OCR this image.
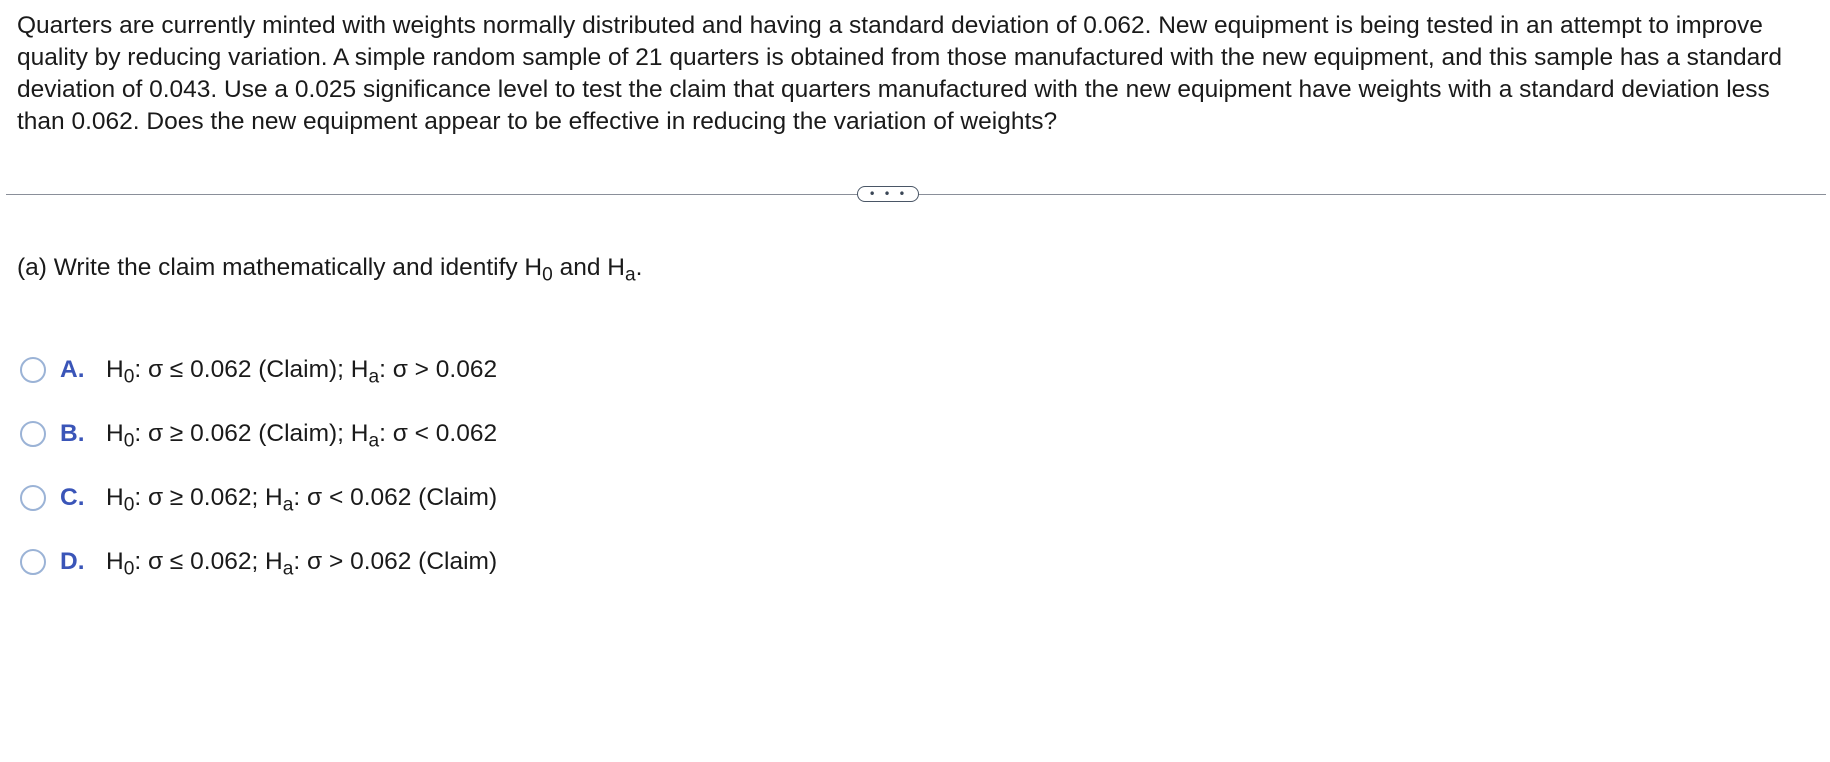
Quarters are currently minted with weights normally distributed and having a standard deviation of 0.062. New equipment is being tested in an attempt to improve quality by reducing variation. A simple random sample of 21 quarters is obtained from those manufactured with the new equipment, and this sample has a standard deviation of 0.043. Use a 0.025 significance level to test the claim that quarters manufactured with the new equipment have weights with a standard deviation less than 0.062. Does the new equipment appear to be effective in reducing the variation of weights?

• • •

(a) Write the claim mathematically and identify $H_0$ and $H_a$.

A. $H_0$: σ ≤ 0.062 (Claim); $H_a$: σ > 0.062
B. $H_0$: σ ≥ 0.062 (Claim); $H_a$: σ < 0.062
C. $H_0$: σ ≥ 0.062; $H_a$: σ < 0.062 (Claim)
D. $H_0$: σ ≤ 0.062; $H_a$: σ > 0.062 (Claim)
